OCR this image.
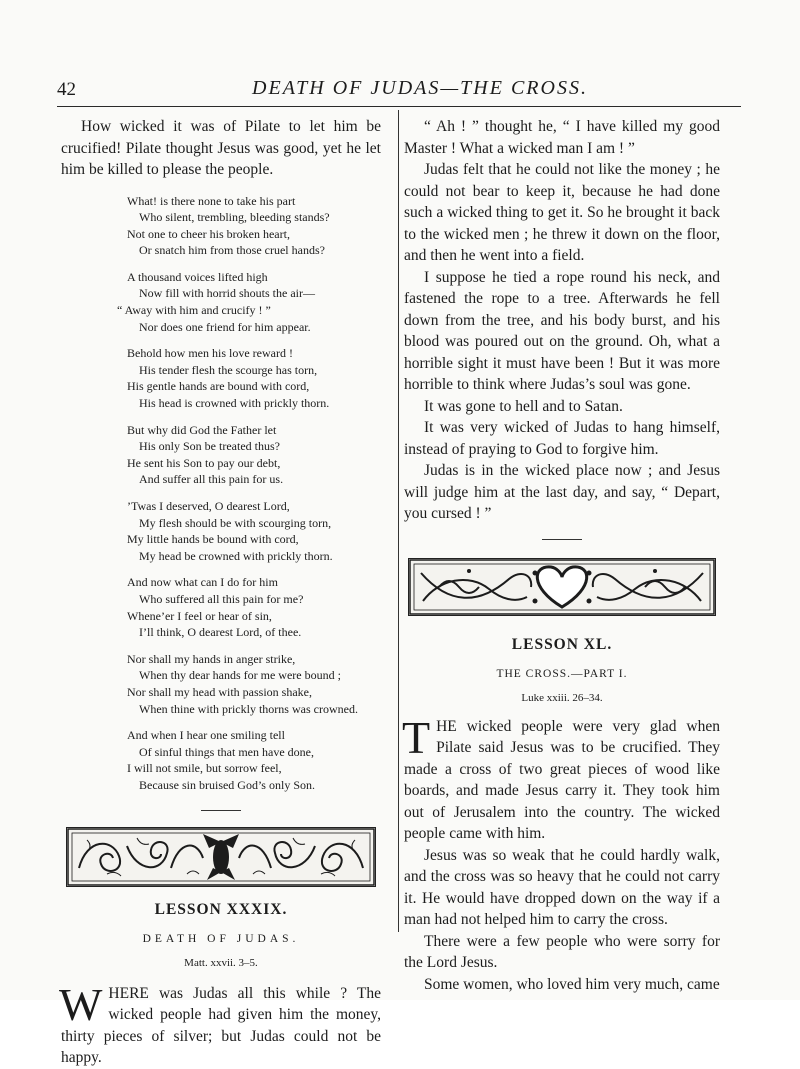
42	DEATH OF JUDAS—THE CROSS.

How wicked it was of Pilate to let him be crucified! Pilate thought Jesus was good, yet he let him be killed to please the people.

What! is there none to take his part
Who silent, trembling, bleeding stands?
Not one to cheer his broken heart,
Or snatch him from those cruel hands?
A thousand voices lifted high
Now fill with horrid shouts the air—
“ Away with him and crucify ! ”
Nor does one friend for him appear.
Behold how men his love reward !
His tender flesh the scourge has torn,
His gentle hands are bound with cord,
His head is crowned with prickly thorn.
But why did God the Father let
His only Son be treated thus?
He sent his Son to pay our debt,
And suffer all this pain for us.
’Twas I deserved, O dearest Lord,
My flesh should be with scourging torn,
My little hands be bound with cord,
My head be crowned with prickly thorn.
And now what can I do for him
Who suffered all this pain for me?
Whene’er I feel or hear of sin,
I’ll think, O dearest Lord, of thee.
Nor shall my hands in anger strike,
When thy dear hands for me were bound ;
Nor shall my head with passion shake,
When thine with prickly thorns was crowned.
And when I hear one smiling tell
Of sinful things that men have done,
I will not smile, but sorrow feel,
Because sin bruised God’s only Son.
LESSON XXXIX.
DEATH OF JUDAS.
Matt. xxvii. 3–5.

WHERE was Judas all this while ? The wicked people had given him the money, thirty pieces of silver; but Judas could not be happy.

“ Ah ! ” thought he, “ I have killed my good Master ! What a wicked man I am ! ”

Judas felt that he could not like the money ; he could not bear to keep it, because he had done such a wicked thing to get it. So he brought it back to the wicked men ; he threw it down on the floor, and then he went into a field.

I suppose he tied a rope round his neck, and fastened the rope to a tree. Afterwards he fell down from the tree, and his body burst, and his blood was poured out on the ground. Oh, what a horrible sight it must have been ! But it was more horrible to think where Judas’s soul was gone.

It was gone to hell and to Satan.

It was very wicked of Judas to hang himself, instead of praying to God to forgive him.

Judas is in the wicked place now ; and Jesus will judge him at the last day, and say, “ Depart, you cursed ! ”

LESSON XL.
THE CROSS.—PART I.
Luke xxiii. 26–34.

THE wicked people were very glad when Pilate said Jesus was to be crucified. They made a cross of two great pieces of wood like boards, and made Jesus carry it. They took him out of Jerusalem into the country. The wicked people came with him.

Jesus was so weak that he could hardly walk, and the cross was so heavy that he could not carry it. He would have dropped down on the way if a man had not helped him to carry the cross.

There were a few people who were sorry for the Lord Jesus.

Some women, who loved him very much, came
